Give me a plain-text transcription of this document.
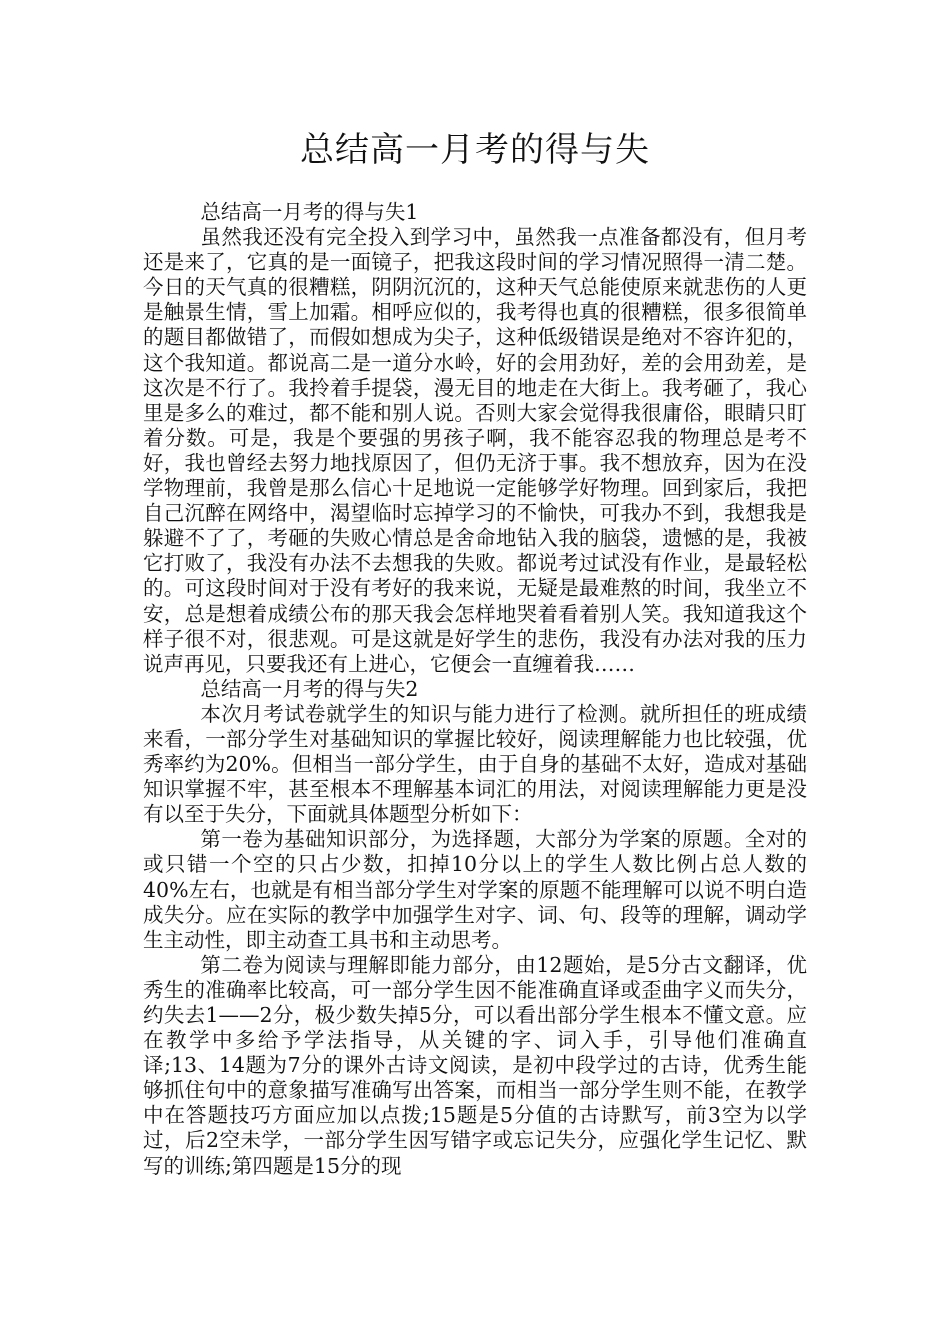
总结高一月考的得与失

总结高一月考的得与失1

虽然我还没有完全投入到学习中，虽然我一点准备都没有，但月考还是来了，它真的是一面镜子，把我这段时间的学习情况照得一清二楚。今日的天气真的很糟糕，阴阴沉沉的，这种天气总能使原来就悲伤的人更是触景生情，雪上加霜。相呼应似的，我考得也真的很糟糕，很多很简单的题目都做错了，而假如想成为尖子，这种低级错误是绝对不容许犯的，这个我知道。都说高二是一道分水岭，好的会用劲好，差的会用劲差，是这次是不行了。我拎着手提袋，漫无目的地走在大街上。我考砸了，我心里是多么的难过，都不能和别人说。否则大家会觉得我很庸俗，眼睛只盯着分数。可是，我是个要强的男孩子啊，我不能容忍我的物理总是考不好，我也曾经去努力地找原因了，但仍无济于事。我不想放弃，因为在没学物理前，我曾是那么信心十足地说一定能够学好物理。回到家后，我把自己沉醉在网络中，渴望临时忘掉学习的不愉快，可我办不到，我想我是躲避不了了，考砸的失败心情总是舍命地钻入我的脑袋，遗憾的是，我被它打败了，我没有办法不去想我的失败。都说考过试没有作业，是最轻松的。可这段时间对于没有考好的我来说，无疑是最难熬的时间，我坐立不安，总是想着成绩公布的那天我会怎样地哭着看着别人笑。我知道我这个样子很不对，很悲观。可是这就是好学生的悲伤，我没有办法对我的压力说声再见，只要我还有上进心，它便会一直缠着我……

总结高一月考的得与失2

本次月考试卷就学生的知识与能力进行了检测。就所担任的班成绩来看，一部分学生对基础知识的掌握比较好，阅读理解能力也比较强，优秀率约为20%。但相当一部分学生，由于自身的基础不太好，造成对基础知识掌握不牢，甚至根本不理解基本词汇的用法，对阅读理解能力更是没有以至于失分，下面就具体题型分析如下：

第一卷为基础知识部分，为选择题，大部分为学案的原题。全对的或只错一个空的只占少数，扣掉10分以上的学生人数比例占总人数的40%左右，也就是有相当部分学生对学案的原题不能理解可以说不明白造成失分。应在实际的教学中加强学生对字、词、句、段等的理解，调动学生主动性，即主动查工具书和主动思考。

第二卷为阅读与理解即能力部分，由12题始，是5分古文翻译，优秀生的准确率比较高，可一部分学生因不能准确直译或歪曲字义而失分，约失去1——2分，极少数失掉5分，可以看出部分学生根本不懂文意。应在教学中多给予学法指导，从关键的字、词入手，引导他们准确直译;13、14题为7分的课外古诗文阅读，是初中段学过的古诗，优秀生能够抓住句中的意象描写准确写出答案，而相当一部分学生则不能，在教学中在答题技巧方面应加以点拨;15题是5分值的古诗默写，前3空为以学过，后2空未学，一部分学生因写错字或忘记失分，应强化学生记忆、默写的训练;第四题是15分的现
